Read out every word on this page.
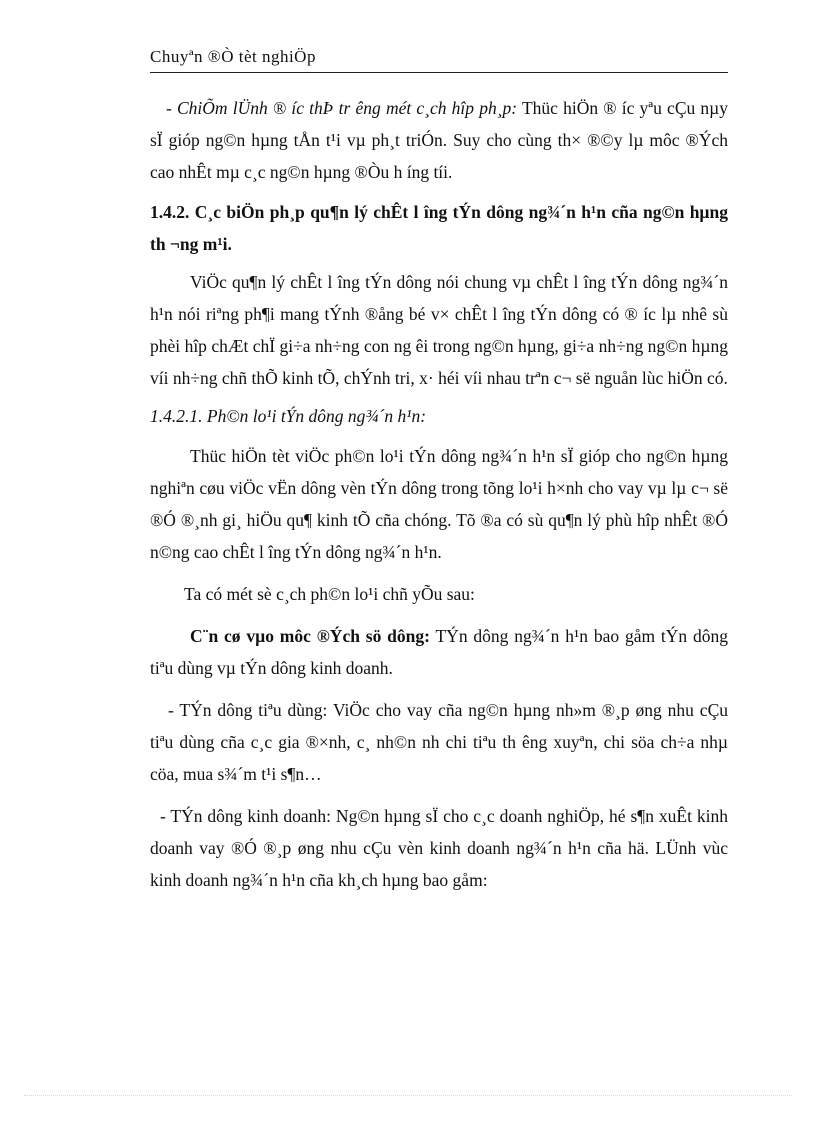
Chuyªn ®Ò tèt nghiÖp

- ChiÕm lÜnh ® íc thÞ tr êng mét c¸ch hîp ph¸p: Thüc hiÖn ® íc yªu cÇu nµy sÏ gióp ng©n hµng tÅn t¹i vµ ph¸t triÓn. Suy cho cùng th× ®©y lµ môc ®Ých cao nhÊt mµ c¸c ng©n hµng ®Òu h íng tíi.

1.4.2. C¸c biÖn ph¸p qu¶n lý chÊt l îng tÝn dông ng¾´n h¹n cña ng©n hµng th ¬ng m¹i.

ViÖc qu¶n lý chÊt l îng tÝn dông nói chung vµ chÊt l îng tÝn dông ng¾´n h¹n nói riªng ph¶i mang tÝnh ®ång bé v× chÊt l îng tÝn dông có ® íc lµ nhê sù phèi hîp chÆt chÏ gi÷a nh÷ng con ng êi trong ng©n hµng, gi÷a nh÷ng ng©n hµng víi nh÷ng chñ thÕ kinh tÕ, chÝnh tri, x· héi víi nhau trªn c¬ së nguån lùc hiÖn có.

1.4.2.1. Ph©n lo¹i tÝn dông ng¾´n h¹n:

Thüc hiÖn tèt viÖc ph©n lo¹i tÝn dông ng¾´n h¹n sÏ gióp cho ng©n hµng nghiªn cøu viÖc vËn dông vèn tÝn dông trong tõng lo¹i h×nh cho vay vµ lµ c¬ së ®Ó ®¸nh gi¸ hiÖu qu¶ kinh tÕ cña chóng. Tõ ®a có sù qu¶n lý phù hîp nhÊt ®Ó n©ng cao chÊt l îng tÝn dông ng¾´n h¹n.

Ta có mét sè c¸ch ph©n lo¹i chñ yÕu sau:

C¨n cø vµo môc ®Ých sö dông: TÝn dông ng¾´n h¹n bao gåm tÝn dông tiªu dùng vµ tÝn dông kinh doanh.

- TÝn dông tiªu dùng: ViÖc cho vay cña ng©n hµng nh»m ®¸p øng nhu cÇu tiªu dùng cña c¸c gia ®×nh, c¸ nh©n nh chi tiªu th êng xuyªn, chi söa ch÷a nhµ cöa, mua s¾´m t¹i s¶n…

- TÝn dông kinh doanh: Ng©n hµng sÏ cho c¸c doanh nghiÖp, hé s¶n xuÊt kinh doanh vay ®Ó ®¸p øng nhu cÇu vèn kinh doanh ng¾´n h¹n cña hä. LÜnh vùc kinh doanh ng¾´n h¹n cña kh¸ch hµng bao gåm:
